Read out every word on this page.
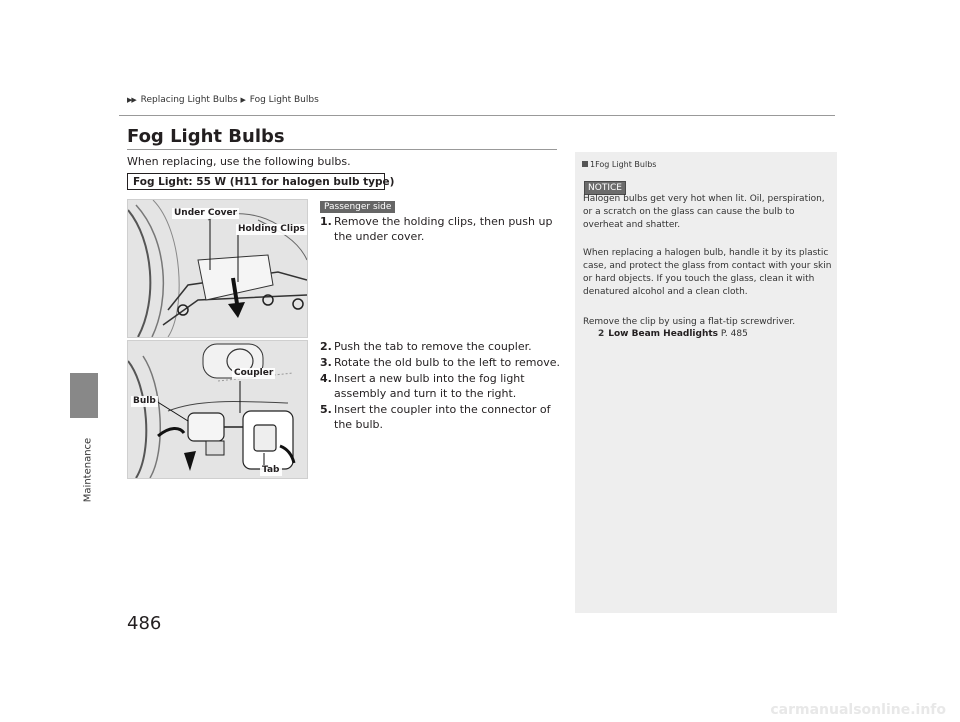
Maintenance
▶▶ Replacing Light Bulbs ▶ Fog Light Bulbs
Fog Light Bulbs
When replacing, use the following bulbs.
Fog Light: 55 W (H11 for halogen bulb type)
Under Cover
Holding Clips
Bulb
Coupler
Tab
Passenger side
1. Remove the holding clips, then push up the under cover.
2. Push the tab to remove the coupler.
3. Rotate the old bulb to the left to remove.
4. Insert a new bulb into the fog light assembly and turn it to the right.
5. Insert the coupler into the connector of the bulb.
1Fog Light Bulbs
NOTICE
Halogen bulbs get very hot when lit. Oil, perspiration, or a scratch on the glass can cause the bulb to overheat and shatter.
When replacing a halogen bulb, handle it by its plastic case, and protect the glass from contact with your skin or hard objects. If you touch the glass, clean it with denatured alcohol and a clean cloth.
Remove the clip by using a flat-tip screwdriver.
2 Low Beam Headlights P. 485
486
carmanualsonline.info
